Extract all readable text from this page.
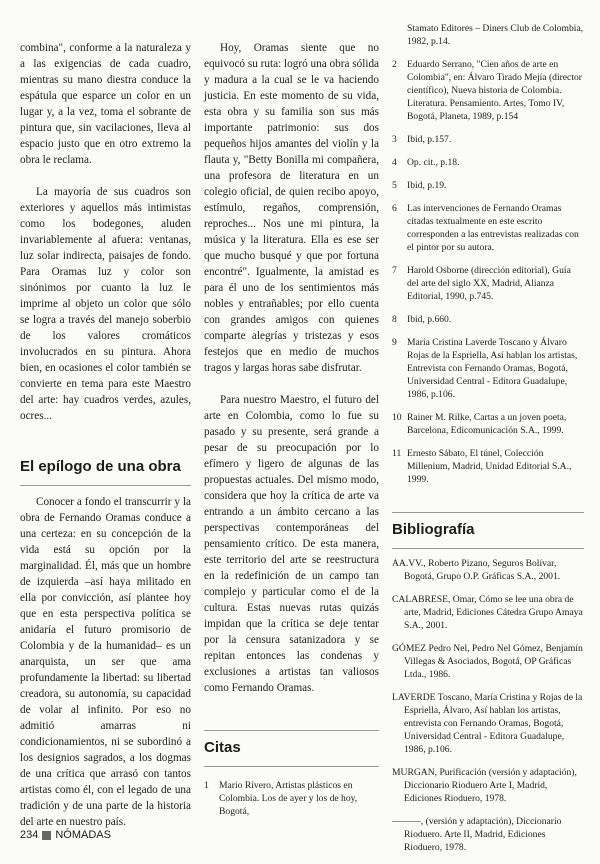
combina", conforme a la naturaleza y a las exigencias de cada cuadro, mientras su mano diestra conduce la espátula que esparce un color en un lugar y, a la vez, toma el sobrante de pintura que, sin vacilaciones, lleva al espacio justo que en otro extremo la obra le reclama.

La mayoría de sus cuadros son exteriores y aquellos más intimistas como los bodegones, aluden invariablemente al afuera: ventanas, luz solar indirecta, paisajes de fondo. Para Oramas luz y color son sinónimos por cuanto la luz le imprime al objeto un color que sólo se logra a través del manejo soberbio de los valores cromáticos involucrados en su pintura. Ahora bien, en ocasiones el color también se convierte en tema para este Maestro del arte: hay cuadros verdes, azules, ocres...

El epílogo de una obra

Conocer a fondo el transcurrir y la obra de Fernando Oramas conduce a una certeza: en su concepción de la vida está su opción por la marginalidad. Él, más que un hombre de izquierda –así haya militado en ella por convicción, así plantee hoy que en esta perspectiva política se anidaría el futuro promisorio de Colombia y de la humanidad– es un anarquista, un ser que ama profundamente la libertad: su libertad creadora, su autonomía, su capacidad de volar al infinito. Por eso no admitió amarras ni condicionamientos, ni se subordinó a los designios sagrados, a los dogmas de una crítica que arrasó con tantos artistas como él, con el legado de una tradición y de una parte de la historia del arte en nuestro país.

Hoy, Oramas siente que no equivocó su ruta: logró una obra sólida y madura a la cual se le va haciendo justicia. En este momento de su vida, esta obra y su familia son sus más importante patrimonio: sus dos pequeños hijos amantes del violín y la flauta y, "Betty Bonilla mi compañera, una profesora de literatura en un colegio oficial, de quien recibo apoyo, estímulo, regaños, comprensión, reproches... Nos une mi pintura, la música y la literatura. Ella es ese ser que mucho busqué y que por fortuna encontré". Igualmente, la amistad es para él uno de los sentimientos más nobles y entrañables; por ello cuenta con grandes amigos con quienes comparte alegrías y tristezas y esos festejos que en medio de muchos tragos y largas horas sabe disfrutar.

Para nuestro Maestro, el futuro del arte en Colombia, como lo fue su pasado y su presente, será grande a pesar de su preocupación por lo efímero y ligero de algunas de las propuestas actuales. Del mismo modo, considera que hoy la crítica de arte va entrando a un ámbito cercano a las perspectivas contemporáneas del pensamiento crítico. De esta manera, este territorio del arte se reestructura en la redefinición de un campo tan complejo y particular como el de la cultura. Estas nuevas rutas quizás impidan que la crítica se deje tentar por la censura satanizadora y se repitan entonces las condenas y exclusiones a artistas tan valiosos como Fernando Oramas.

Citas
1	Mario Rivero, Artistas plásticos en Colombia. Los de ayer y los de hoy, Bogotá,
Stamato Editores – Diners Club de Colombia, 1982, p.14.
2	Eduardo Serrano, "Cien años de arte en Colombia", en: Álvaro Tirado Mejía (director científico), Nueva historia de Colombia. Literatura. Pensamiento. Artes, Tomo IV, Bogotá, Planeta, 1989, p.154
3	Ibid, p.157.
4	Op. cit., p.18.
5	Ibid, p.19.
6	Las intervenciones de Fernando Oramas citadas textualmente en este escrito corresponden a las entrevistas realizadas con el pintor por su autora.
7	Harold Osborne (dirección editorial), Guía del arte del siglo XX, Madrid, Alianza Editorial, 1990, p.745.
8	Ibid, p.660.
9	María Cristina Laverde Toscano y Álvaro Rojas de la Espriella, Así hablan los artistas, Entrevista con Fernando Oramas, Bogotá, Universidad Central - Editora Guadalupe, 1986, p.106.
10 Rainer M. Rilke, Cartas a un joven poeta, Barcelona, Edicomunicación S.A., 1999.
11 Ernesto Sábato, El túnel, Colección Millenium, Madrid, Unidad Editorial S.A., 1999.
Bibliografía
AA.VV., Roberto Pizano, Seguros Bolívar, Bogotá, Grupo O.P. Gráficas S.A., 2001.
CALABRESE, Omar, Cómo se lee una obra de arte, Madrid, Ediciones Cátedra Grupo Amaya S.A., 2001.
GÓMEZ Pedro Nel, Pedro Nel Gómez, Benjamín Villegas & Asociados, Bogotá, OP Gráficas Ltda., 1986.
LAVERDE Toscano, María Cristina y Rojas de la Espriella, Álvaro, Así hablan los artistas, entrevista con Fernando Oramas, Bogotá, Universidad Central - Editora Guadalupe, 1986, p.106.
MURGAN, Purificación (versión y adaptación), Diccionario Rioduero Arte I, Madrid, Ediciones Rioduero, 1978.
———, (versión y adaptación), Diccionario Rioduero. Arte II, Madrid, Ediciones Rioduero, 1978.
234 NÓMADAS
